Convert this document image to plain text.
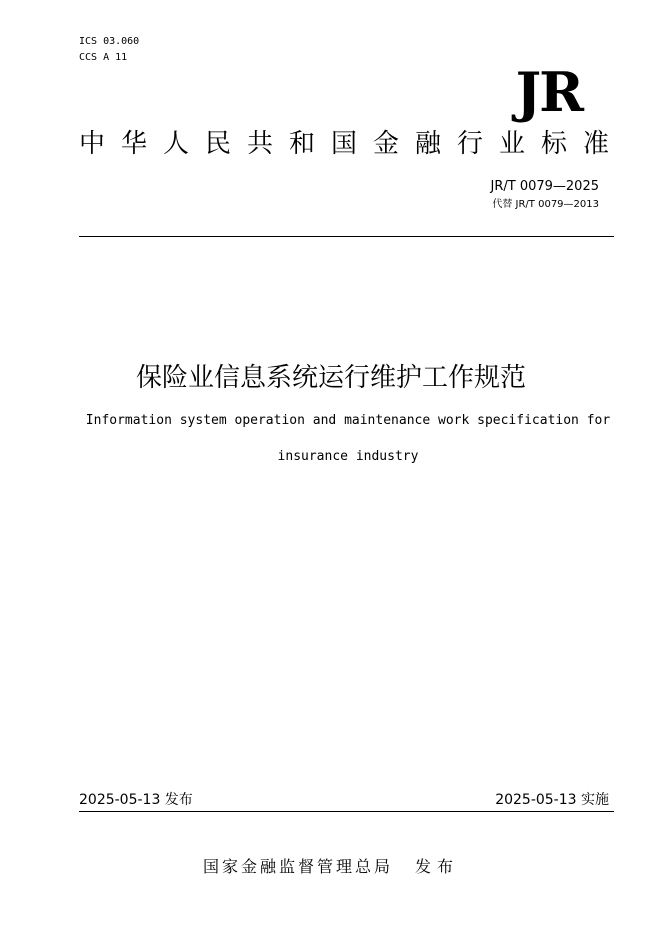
ICS 03.060
CCS A 11
JR
中华人民共和国金融行业标准
JR/T 0079—2025
代替 JR/T 0079—2013
保险业信息系统运行维护工作规范
Information system operation and maintenance work specification for
insurance industry
2025-05-13 发布	2025-05-13 实施
国家金融监督管理总局 发布
